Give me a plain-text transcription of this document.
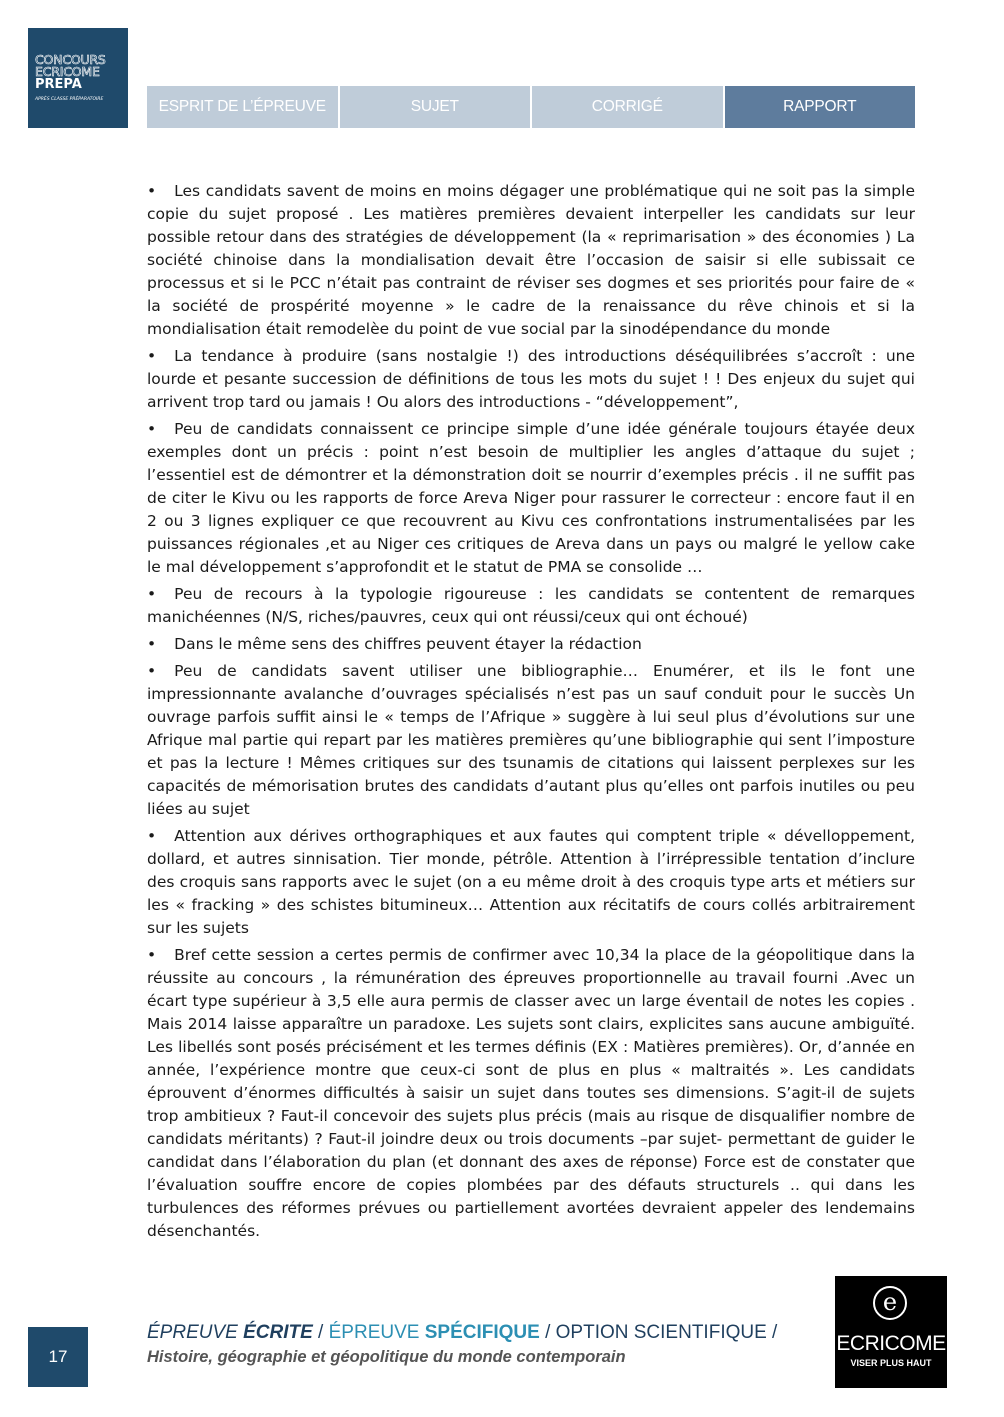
CONCOURS
ECRICOME
PREPA
APRÈS CLASSE PRÉPARATOIRE	ESPRIT DE L’ÉPREUVE	SUJET	CORRIGÉ	RAPPORT

• Les candidats savent de moins en moins dégager une problématique qui ne soit pas la simple copie du sujet proposé . Les matières premières devaient interpeller les candidats sur leur possible retour dans des stratégies de développement (la « reprimarisation » des économies ) La société chinoise dans la mondialisation devait être l’occasion de saisir si elle subissait ce processus et si le PCC n’était pas contraint de réviser ses dogmes et ses priorités pour faire de « la société de prospérité moyenne » le cadre de la renaissance du rêve chinois et si la mondialisation était remodelèe du point de vue social par la sinodépendance du monde

• La tendance à produire (sans nostalgie !) des introductions déséquilibrées s’accroît : une lourde et pesante succession de définitions de tous les mots du sujet ! ! Des enjeux du sujet qui arrivent trop tard ou jamais ! Ou alors des introductions - “développement”,

• Peu de candidats connaissent ce principe simple d’une idée générale toujours étayée deux exemples dont un précis : point n’est besoin de multiplier les angles d’attaque du sujet ; l’essentiel est de démontrer et la démonstration doit se nourrir d’exemples précis . il ne suffit pas de citer le Kivu ou les rapports de force Areva Niger pour rassurer le correcteur : encore faut il en 2 ou 3 lignes expliquer ce que recouvrent au Kivu ces confrontations instrumentalisées par les puissances régionales ,et au Niger ces critiques de Areva dans un pays ou malgré le yellow cake le mal développement s’approfondit et le statut de PMA se consolide …

• Peu de recours à la typologie rigoureuse : les candidats se contentent de remarques manichéennes (N/S, riches/pauvres, ceux qui ont réussi/ceux qui ont échoué)

• Dans le même sens des chiffres peuvent étayer la rédaction

• Peu de candidats savent utiliser une bibliographie… Enumérer, et ils le font une impressionnante avalanche d’ouvrages spécialisés n’est pas un sauf conduit pour le succès Un ouvrage parfois suffit ainsi le « temps de l’Afrique » suggère à lui seul plus d’évolutions sur une Afrique mal partie qui repart par les matières premières qu’une bibliographie qui sent l’imposture et pas la lecture ! Mêmes critiques sur des tsunamis de citations qui laissent perplexes sur les capacités de mémorisation brutes des candidats d’autant plus qu’elles ont parfois inutiles ou peu liées au sujet

• Attention aux dérives orthographiques et aux fautes qui comptent triple « dévelloppement, dollard, et autres sinnisation. Tier monde, pétrôle. Attention à l’irrépressible tentation d’inclure des croquis sans rapports avec le sujet (on a eu même droit à des croquis type arts et métiers sur les « fracking » des schistes bitumineux… Attention aux récitatifs de cours collés arbitrairement sur les sujets

• Bref cette session a certes permis de confirmer avec 10,34 la place de la géopolitique dans la réussite au concours , la rémunération des épreuves proportionnelle au travail fourni .Avec un écart type supérieur à 3,5 elle aura permis de classer avec un large éventail de notes les copies . Mais 2014 laisse apparaître un paradoxe. Les sujets sont clairs, explicites sans aucune ambiguïté. Les libellés sont posés précisément et les termes définis (EX : Matières premières). Or, d’année en année, l’expérience montre que ceux-ci sont de plus en plus « maltraités ». Les candidats éprouvent d’énormes difficultés à saisir un sujet dans toutes ses dimensions. S’agit-il de sujets trop ambitieux ? Faut-il concevoir des sujets plus précis (mais au risque de disqualifier nombre de candidats méritants) ? Faut-il joindre deux ou trois documents –par sujet- permettant de guider le candidat dans l’élaboration du plan (et donnant des axes de réponse) Force est de constater que l’évaluation souffre encore de copies plombées par des défauts structurels .. qui dans les turbulences des réformes prévues ou partiellement avortées devraient appeler des lendemains désenchantés.

17
ÉPREUVE ÉCRITE / ÉPREUVE SPÉCIFIQUE / OPTION SCIENTIFIQUE /
Histoire, géographie et géopolitique du monde contemporain
e
ECRICOME
VISER PLUS HAUT
